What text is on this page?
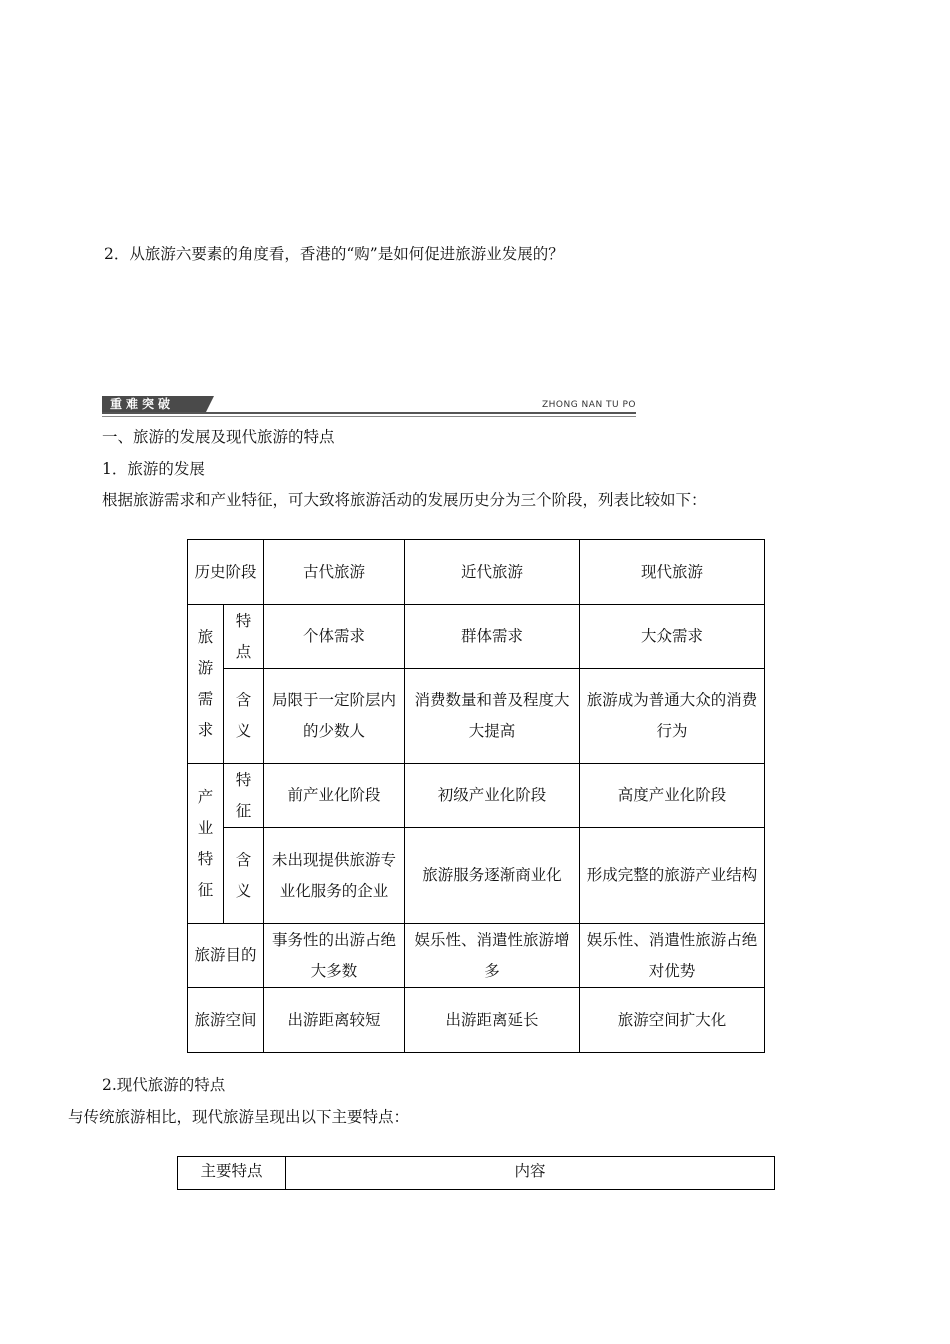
2．从旅游六要素的角度看，香港的“购”是如何促进旅游业发展的？
重难突破	ZHONG NAN TU PO
一、旅游的发展及现代旅游的特点
1．旅游的发展
根据旅游需求和产业特征，可大致将旅游活动的发展历史分为三个阶段，列表比较如下：
历史阶段		古代旅游	近代旅游	现代旅游
旅游需求	特点	个体需求	群体需求	大众需求
	含义	局限于一定阶层内的少数人	消费数量和普及程度大大提高	旅游成为普通大众的消费行为
产业特征	特征	前产业化阶段	初级产业化阶段	高度产业化阶段
	含义	未出现提供旅游专业化服务的企业	旅游服务逐渐商业化	形成完整的旅游产业结构
旅游目的		事务性的出游占绝大多数	娱乐性、消遣性旅游增多	娱乐性、消遣性旅游占绝对优势
旅游空间		出游距离较短	出游距离延长	旅游空间扩大化
2.现代旅游的特点
与传统旅游相比，现代旅游呈现出以下主要特点：
主要特点	内容
